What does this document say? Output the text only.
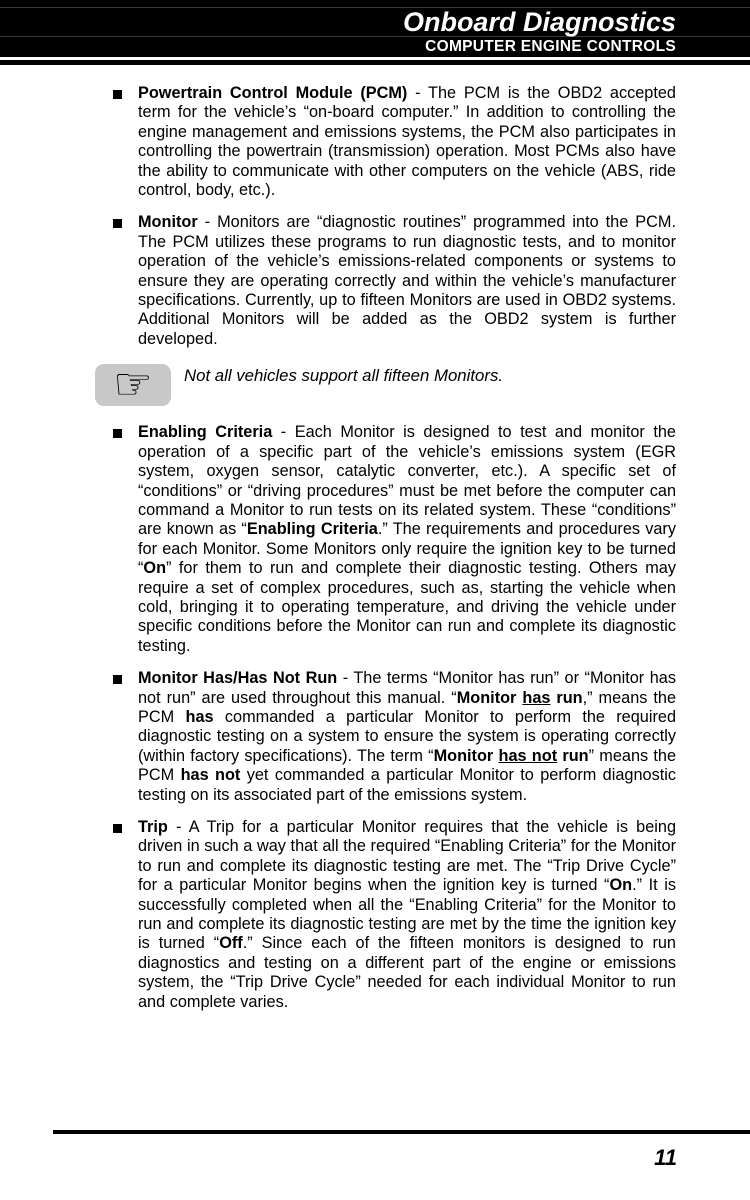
Onboard Diagnostics
COMPUTER ENGINE CONTROLS

Powertrain Control Module (PCM) - The PCM is the OBD2 accepted term for the vehicle’s “on-board computer.” In addition to controlling the engine management and emissions systems, the PCM also participates in controlling the powertrain (transmission) operation. Most PCMs also have the ability to communicate with other computers on the vehicle (ABS, ride control, body, etc.).

Monitor - Monitors are “diagnostic routines” programmed into the PCM. The PCM utilizes these programs to run diagnostic tests, and to monitor operation of the vehicle’s emissions-related components or systems to ensure they are operating correctly and within the vehicle’s manufacturer specifications. Currently, up to fifteen Monitors are used in OBD2 systems. Additional Monitors will be added as the OBD2 system is further developed.

☞ Not all vehicles support all fifteen Monitors.

Enabling Criteria - Each Monitor is designed to test and monitor the operation of a specific part of the vehicle’s emissions system (EGR system, oxygen sensor, catalytic converter, etc.). A specific set of “conditions” or “driving procedures” must be met before the computer can command a Monitor to run tests on its related system. These “conditions” are known as “Enabling Criteria.” The requirements and procedures vary for each Monitor. Some Monitors only require the ignition key to be turned “On” for them to run and complete their diagnostic testing. Others may require a set of complex procedures, such as, starting the vehicle when cold, bringing it to operating temperature, and driving the vehicle under specific conditions before the Monitor can run and complete its diagnostic testing.

Monitor Has/Has Not Run - The terms “Monitor has run” or “Monitor has not run” are used throughout this manual. “Monitor has run,” means the PCM has commanded a particular Monitor to perform the required diagnostic testing on a system to ensure the system is operating correctly (within factory specifications). The term “Monitor has not run” means the PCM has not yet commanded a particular Monitor to perform diagnostic testing on its associated part of the emissions system.

Trip - A Trip for a particular Monitor requires that the vehicle is being driven in such a way that all the required “Enabling Criteria” for the Monitor to run and complete its diagnostic testing are met. The “Trip Drive Cycle” for a particular Monitor begins when the ignition key is turned “On.” It is successfully completed when all the “Enabling Criteria” for the Monitor to run and complete its diagnostic testing are met by the time the ignition key is turned “Off.” Since each of the fifteen monitors is designed to run diagnostics and testing on a different part of the engine or emissions system, the “Trip Drive Cycle” needed for each individual Monitor to run and complete varies.

11
